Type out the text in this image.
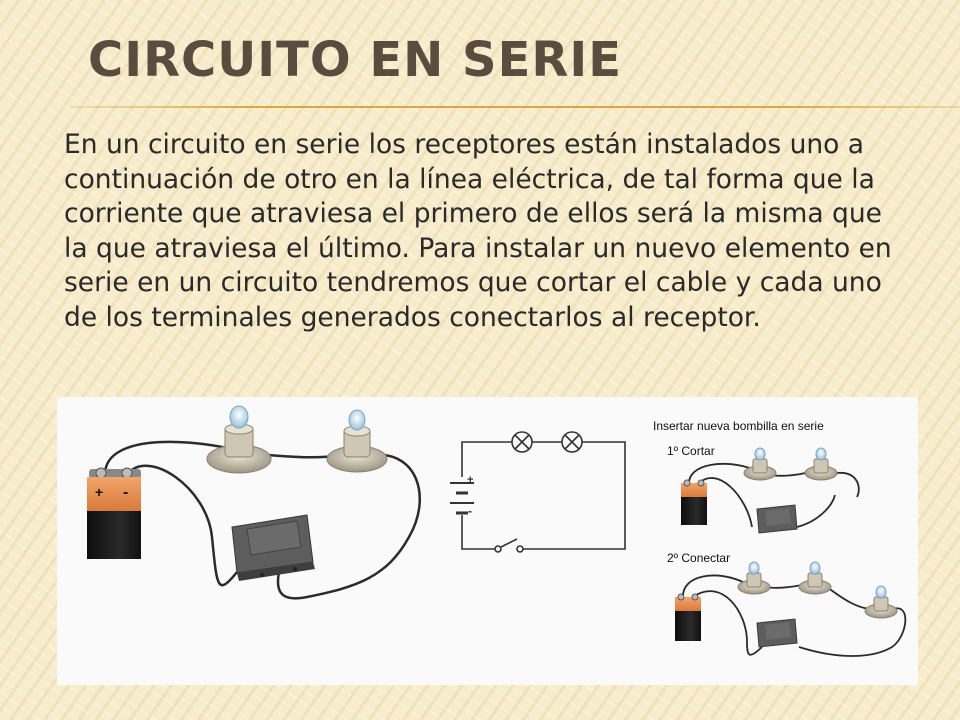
CIRCUITO EN SERIE

En un circuito en serie los receptores están instalados uno a continuación de otro en la línea eléctrica, de tal forma que la corriente que atraviesa el primero de ellos será la misma que la que atraviesa el último. Para instalar un nuevo elemento en serie en un circuito tendremos que cortar el cable y cada uno de los terminales generados conectarlos al receptor.

+ -
+
-
Insertar nueva bombilla en serie
1º Cortar
2º Conectar
